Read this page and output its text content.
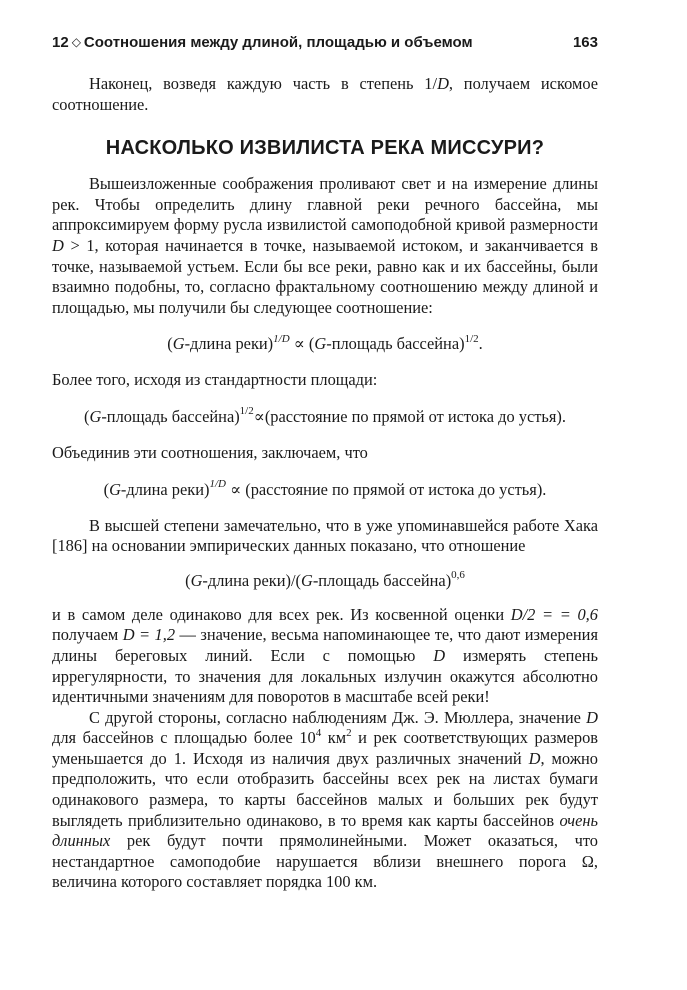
12 ◇ Соотношения между длиной, площадью и объемом	163

Наконец, возведя каждую часть в степень 1/D, получаем искомое соотношение.

НАСКОЛЬКО ИЗВИЛИСТА РЕКА МИССУРИ?

Вышеизложенные соображения проливают свет и на измерение длины рек. Чтобы определить длину главной реки речного бассейна, мы аппроксимируем форму русла извилистой самоподобной кривой размерности D > 1, которая начинается в точке, называемой истоком, и заканчивается в точке, называемой устьем. Если бы все реки, равно как и их бассейны, были взаимно подобны, то, согласно фрактальному соотношению между длиной и площадью, мы получили бы следующее соотношение:

(G-длина реки)$^{1/D}$ ∝ (G-площадь бассейна)$^{1/2}$.

Более того, исходя из стандартности площади:

(G-площадь бассейна)$^{1/2}$∝(расстояние по прямой от истока до устья).

Объединив эти соотношения, заключаем, что

(G-длина реки)$^{1/D}$ ∝ (расстояние по прямой от истока до устья).

В высшей степени замечательно, что в уже упоминавшейся работе Хака [186] на основании эмпирических данных показано, что отношение

(G-длина реки)/(G-площадь бассейна)$^{0,6}$

и в самом деле одинаково для всех рек. Из косвенной оценки D/2 = = 0,6 получаем D = 1,2 — значение, весьма напоминающее те, что дают измерения длины береговых линий. Если с помощью D измерять степень иррегулярности, то значения для локальных излучин окажутся абсолютно идентичными значениям для поворотов в масштабе всей реки!

С другой стороны, согласно наблюдениям Дж. Э. Мюллера, значение D для бассейнов с площадью более $10^4$ $км^2$ и рек соответствующих размеров уменьшается до 1. Исходя из наличия двух различных значений D, можно предположить, что если отобразить бассейны всех рек на листах бумаги одинакового размера, то карты бассейнов малых и больших рек будут выглядеть приблизительно одинаково, в то время как карты бассейнов очень длинных рек будут почти прямолинейными. Может оказаться, что нестандартное самоподобие нарушается вблизи внешнего порога Ω, величина которого составляет порядка 100 км.
